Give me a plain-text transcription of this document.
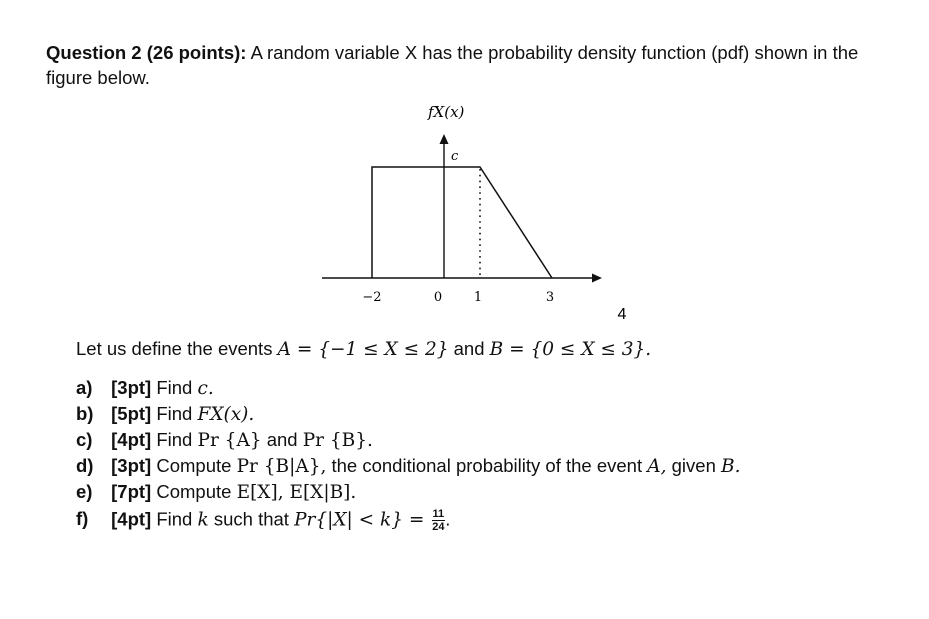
Question 2 (26 points): A random variable X has the probability density function (pdf) shown in the figure below.
fX(x)
c
−2	0 1	3
4
Let us define the events A = {−1 ≤ X ≤ 2} and B = {0 ≤ X ≤ 3}.
a) [3pt] Find c.
b) [5pt] Find FX(x).
c) [4pt] Find Pr {A} and Pr {B}.
d) [3pt] Compute Pr {B|A}, the conditional probability of the event A, given B.
e) [7pt] Compute E[X], E[X|B].
f) [4pt] Find k such that $Pr\{|X| < k\} = \frac{11}{24}$ .
